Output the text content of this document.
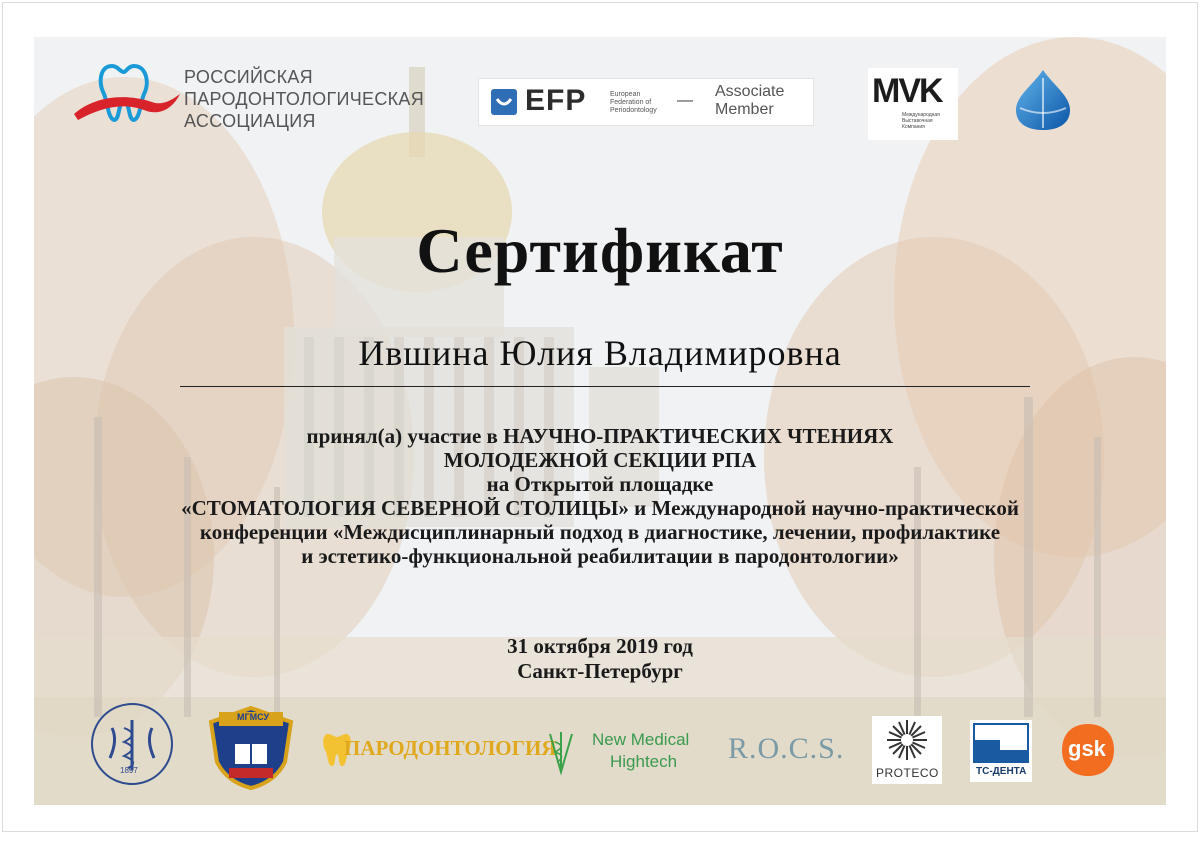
РОССИЙСКАЯ
ПАРОДОНТОЛОГИЧЕСКАЯ
АССОЦИАЦИЯ
EFP	European Federation of Periodontology
—
Associate
Member	MVK
Международная Выставочная Компания
Сертификат
Ившина Юлия Владимировна
принял(а) участие в НАУЧНО-ПРАКТИЧЕСКИХ ЧТЕНИЯХ
МОЛОДЕЖНОЙ СЕКЦИИ РПА
на Открытой площадке
«СТОМАТОЛОГИЯ СЕВЕРНОЙ СТОЛИЦЫ» и Международной научно-практической
конференции «Междисциплинарный подход в диагностике, лечении, профилактике
и эстетико-функциональной реабилитации в пародонтологии»
31 октября 2019 год
Санкт-Петербург
1897
МГМСУ
ПАРОДОНТОЛОГИЯ New Medical
Hightech R.O.C.S.
PROTECO	TC-ДЕНТА
gsk
